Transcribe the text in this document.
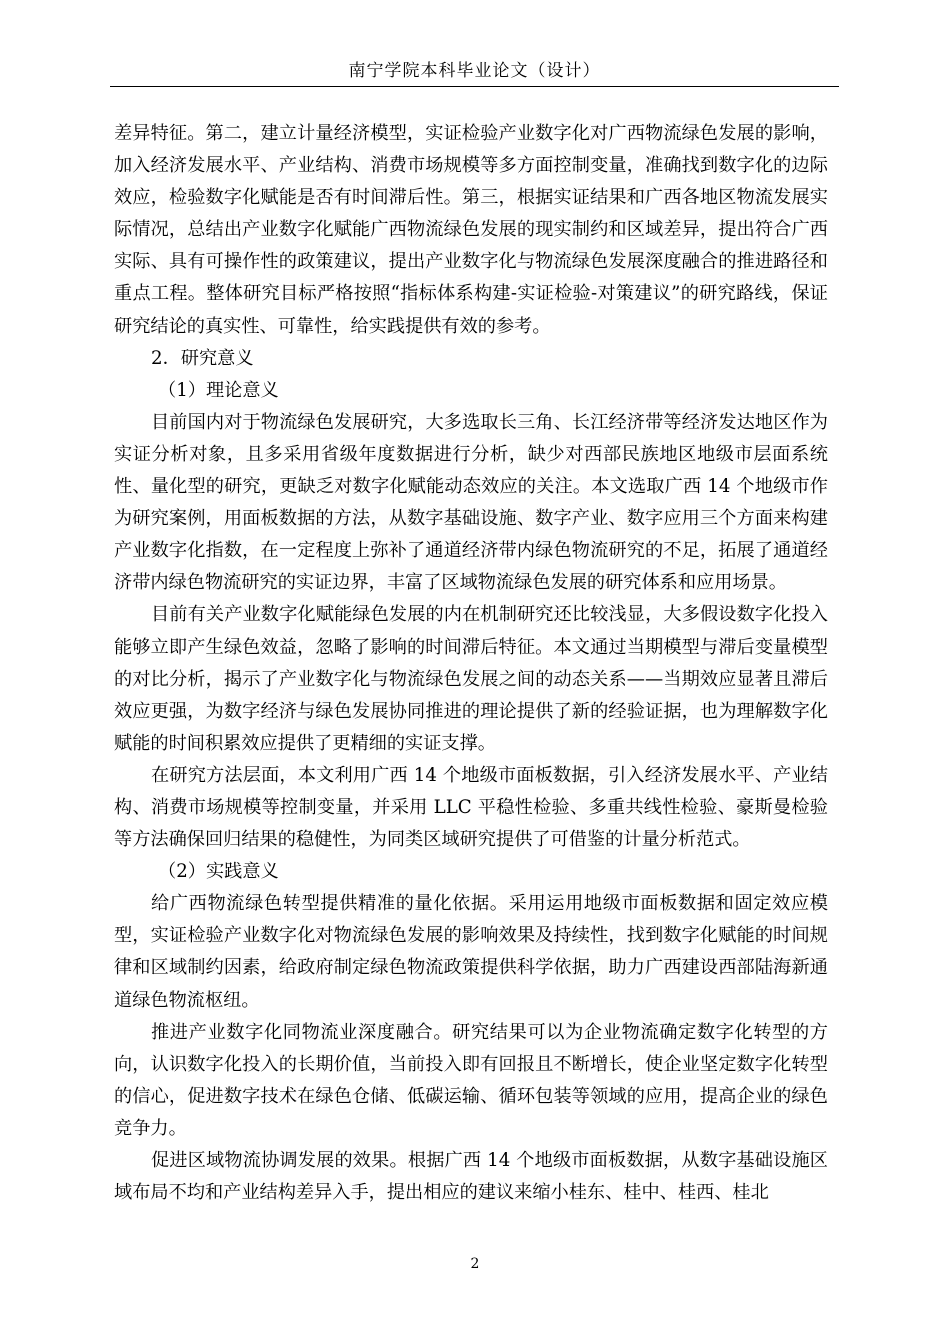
南宁学院本科毕业论文（设计）

差异特征。第二，建立计量经济模型，实证检验产业数字化对广西物流绿色发展的影响，加入经济发展水平、产业结构、消费市场规模等多方面控制变量，准确找到数字化的边际效应，检验数字化赋能是否有时间滞后性。第三，根据实证结果和广西各地区物流发展实际情况，总结出产业数字化赋能广西物流绿色发展的现实制约和区域差异，提出符合广西实际、具有可操作性的政策建议，提出产业数字化与物流绿色发展深度融合的推进路径和重点工程。整体研究目标严格按照“指标体系构建-实证检验-对策建议”的研究路线，保证研究结论的真实性、可靠性，给实践提供有效的参考。

2．研究意义

（1）理论意义

目前国内对于物流绿色发展研究，大多选取长三角、长江经济带等经济发达地区作为实证分析对象，且多采用省级年度数据进行分析，缺少对西部民族地区地级市层面系统性、量化型的研究，更缺乏对数字化赋能动态效应的关注。本文选取广西 14 个地级市作为研究案例，用面板数据的方法，从数字基础设施、数字产业、数字应用三个方面来构建产业数字化指数，在一定程度上弥补了通道经济带内绿色物流研究的不足，拓展了通道经济带内绿色物流研究的实证边界，丰富了区域物流绿色发展的研究体系和应用场景。

目前有关产业数字化赋能绿色发展的内在机制研究还比较浅显，大多假设数字化投入能够立即产生绿色效益，忽略了影响的时间滞后特征。本文通过当期模型与滞后变量模型的对比分析，揭示了产业数字化与物流绿色发展之间的动态关系——当期效应显著且滞后效应更强，为数字经济与绿色发展协同推进的理论提供了新的经验证据，也为理解数字化赋能的时间积累效应提供了更精细的实证支撑。

在研究方法层面，本文利用广西 14 个地级市面板数据，引入经济发展水平、产业结构、消费市场规模等控制变量，并采用 LLC 平稳性检验、多重共线性检验、豪斯曼检验等方法确保回归结果的稳健性，为同类区域研究提供了可借鉴的计量分析范式。

（2）实践意义

给广西物流绿色转型提供精准的量化依据。采用运用地级市面板数据和固定效应模型，实证检验产业数字化对物流绿色发展的影响效果及持续性，找到数字化赋能的时间规律和区域制约因素，给政府制定绿色物流政策提供科学依据，助力广西建设西部陆海新通道绿色物流枢纽。

推进产业数字化同物流业深度融合。研究结果可以为企业物流确定数字化转型的方向，认识数字化投入的长期价值，当前投入即有回报且不断增长，使企业坚定数字化转型的信心，促进数字技术在绿色仓储、低碳运输、循环包装等领域的应用，提高企业的绿色竞争力。

促进区域物流协调发展的效果。根据广西 14 个地级市面板数据，从数字基础设施区域布局不均和产业结构差异入手，提出相应的建议来缩小桂东、桂中、桂西、桂北

2
